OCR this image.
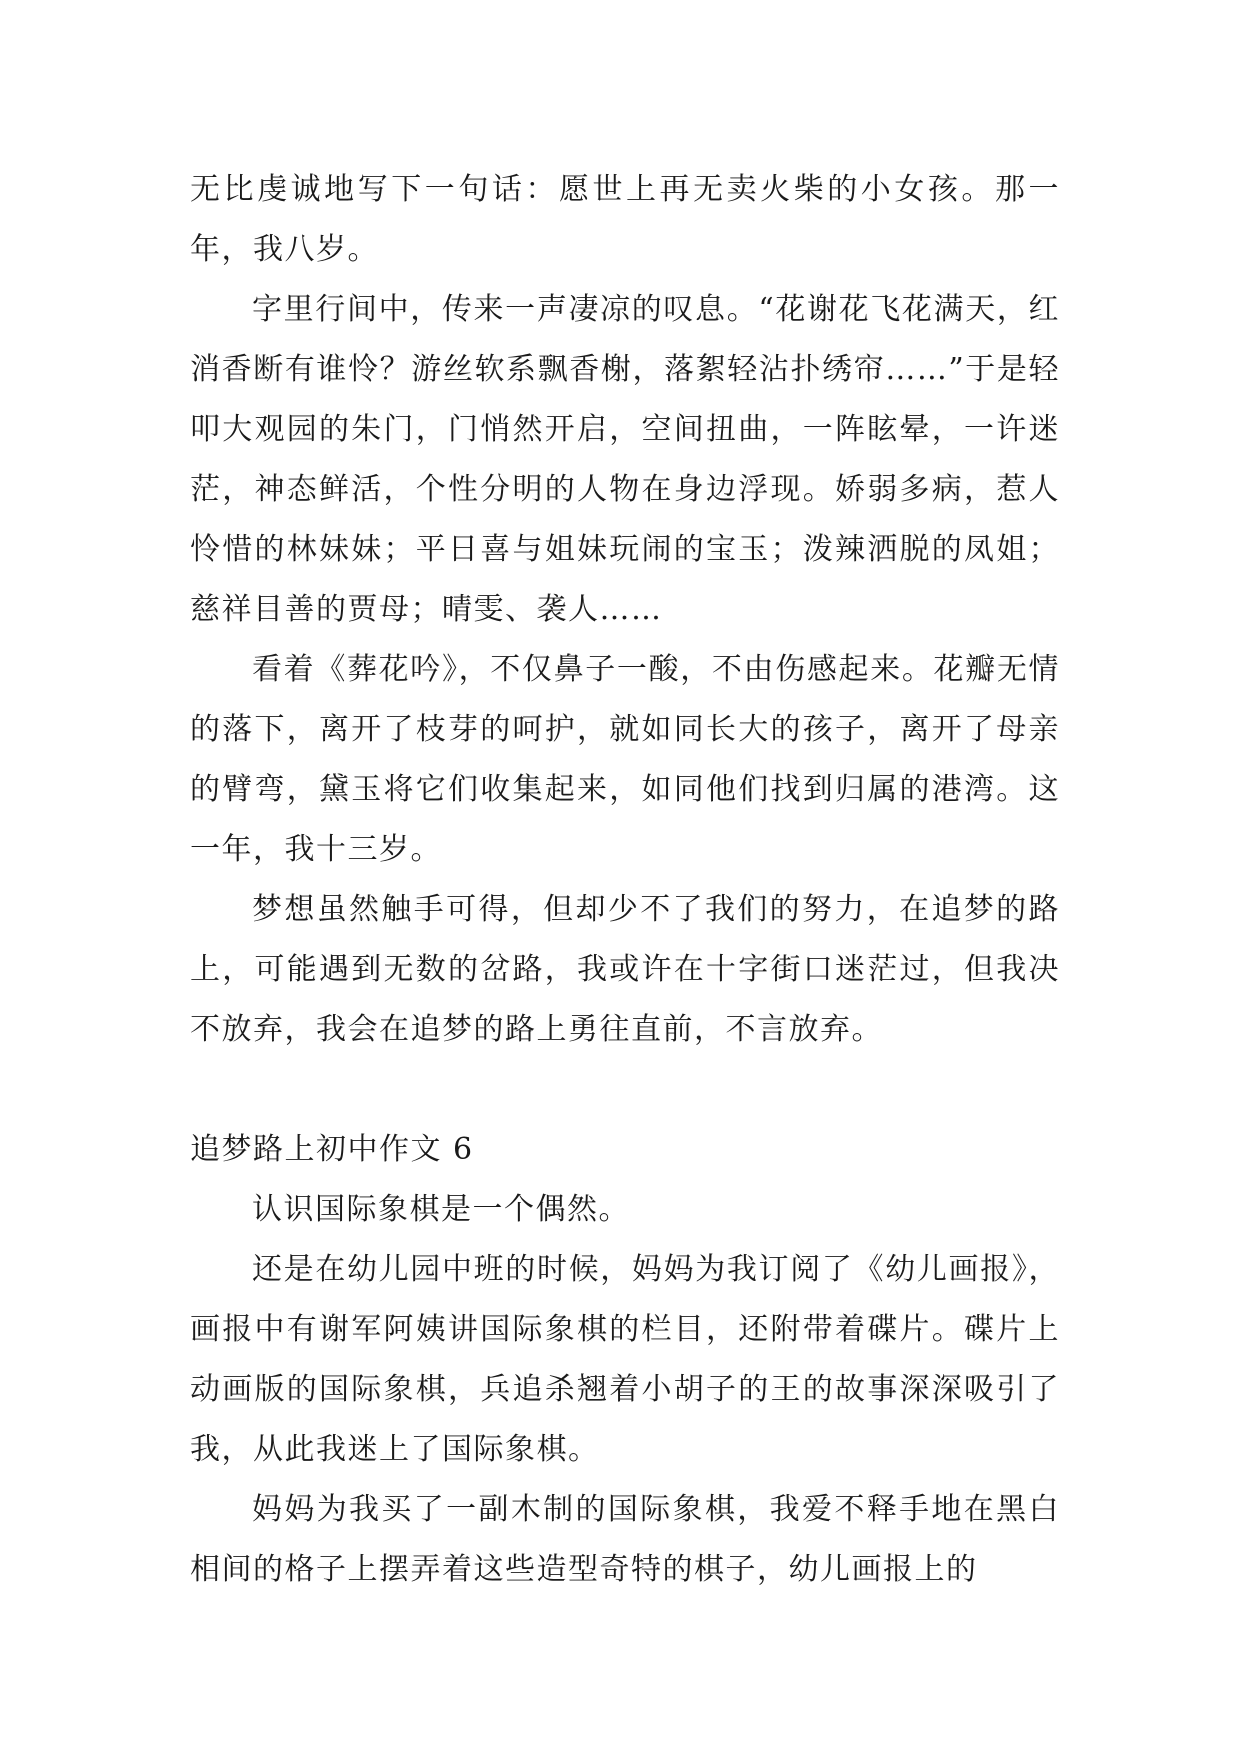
无比虔诚地写下一句话：愿世上再无卖火柴的小女孩。那一年，我八岁。

字里行间中，传来一声凄凉的叹息。“花谢花飞花满天，红消香断有谁怜？游丝软系飘香榭，落絮轻沾扑绣帘……”于是轻叩大观园的朱门，门悄然开启，空间扭曲，一阵眩晕，一许迷茫，神态鲜活，个性分明的人物在身边浮现。娇弱多病，惹人怜惜的林妹妹；平日喜与姐妹玩闹的宝玉；泼辣洒脱的凤姐；慈祥目善的贾母；晴雯、袭人……

看着《葬花吟》，不仅鼻子一酸，不由伤感起来。花瓣无情的落下，离开了枝芽的呵护，就如同长大的孩子，离开了母亲的臂弯，黛玉将它们收集起来，如同他们找到归属的港湾。这一年，我十三岁。

梦想虽然触手可得，但却少不了我们的努力，在追梦的路上，可能遇到无数的岔路，我或许在十字街口迷茫过，但我决不放弃，我会在追梦的路上勇往直前，不言放弃。

追梦路上初中作文 6

认识国际象棋是一个偶然。

还是在幼儿园中班的时候，妈妈为我订阅了《幼儿画报》，画报中有谢军阿姨讲国际象棋的栏目，还附带着碟片。碟片上动画版的国际象棋，兵追杀翘着小胡子的王的故事深深吸引了我，从此我迷上了国际象棋。

妈妈为我买了一副木制的国际象棋，我爱不释手地在黑白相间的格子上摆弄着这些造型奇特的棋子，幼儿画报上的
